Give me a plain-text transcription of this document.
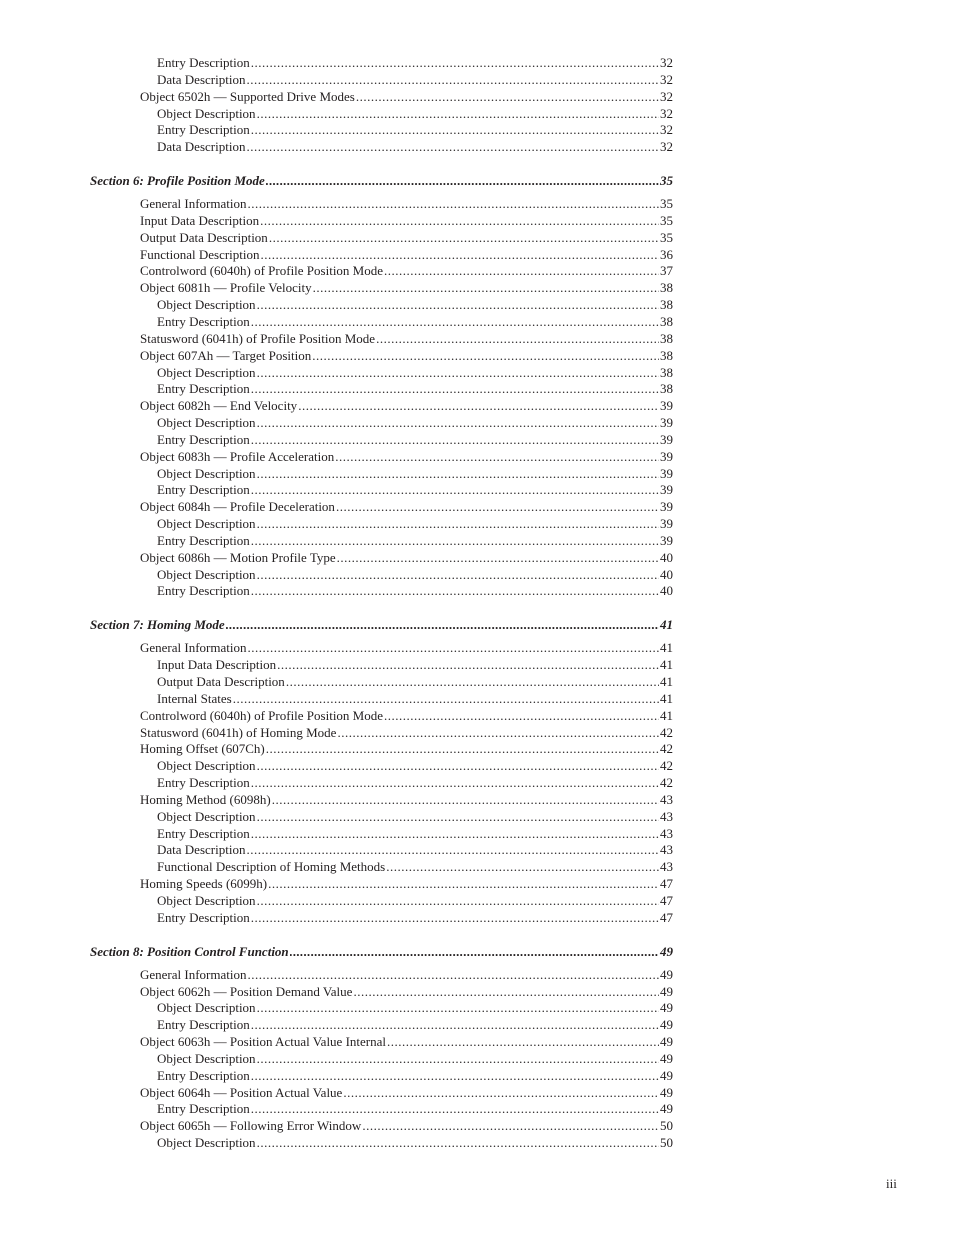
Entry Description .....	32
Data Description .....	32
Object 6502h — Supported Drive Modes .....	32
Object Description .....	32
Entry Description .....	32
Data Description .....	32
Section 6: Profile Position Mode .....	35
General Information .....	35
Input Data Description .....	35
Output Data Description .....	35
Functional Description .....	36
Controlword (6040h) of Profile Position Mode .....	37
Object 6081h — Profile Velocity .....	38
Object Description .....	38
Entry Description .....	38
Statusword (6041h) of Profile Position Mode .....	38
Object 607Ah — Target Position .....	38
Object Description .....	38
Entry Description .....	38
Object 6082h — End Velocity .....	39
Object Description .....	39
Entry Description .....	39
Object 6083h — Profile Acceleration .....	39
Object Description .....	39
Entry Description .....	39
Object 6084h — Profile Deceleration .....	39
Object Description .....	39
Entry Description .....	39
Object 6086h — Motion Profile Type .....	40
Object Description .....	40
Entry Description .....	40
Section 7: Homing Mode .....	41
General Information .....	41
Input Data Description .....	41
Output Data Description .....	41
Internal States .....	41
Controlword (6040h) of Profile Position Mode .....	41
Statusword (6041h) of Homing Mode .....	42
Homing Offset (607Ch) .....	42
Object Description .....	42
Entry Description .....	42
Homing Method (6098h) .....	43
Object Description .....	43
Entry Description .....	43
Data Description .....	43
Functional Description of Homing Methods .....	43
Homing Speeds (6099h) .....	47
Object Description .....	47
Entry Description .....	47
Section 8: Position Control Function .....	49
General Information .....	49
Object 6062h — Position Demand Value .....	49
Object Description .....	49
Entry Description .....	49
Object 6063h — Position Actual Value Internal .....	49
Object Description .....	49
Entry Description .....	49
Object 6064h — Position Actual Value .....	49
Entry Description .....	49
Object 6065h — Following Error Window .....	50
Object Description .....	50
iii
